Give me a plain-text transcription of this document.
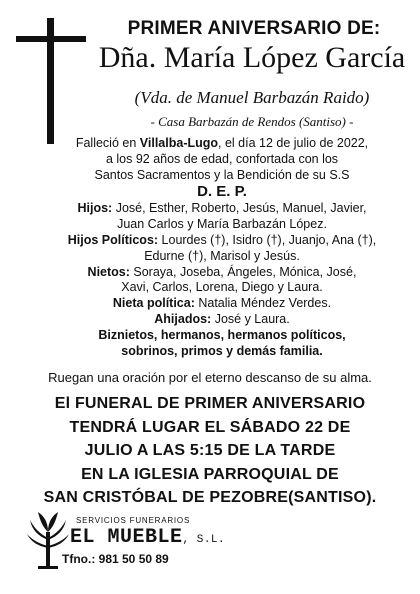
PRIMER ANIVERSARIO DE:
Dña. María López García
(Vda. de Manuel Barbazán Raido)
- Casa Barbazán de Rendos (Santiso) -
Falleció en Villalba-Lugo, el día 12 de julio de 2022,
a los 92 años de edad, confortada con los
Santos Sacramentos y la Bendición de su S.S
D. E. P.
Hijos: José, Esther, Roberto, Jesús, Manuel, Javier,
Juan Carlos y María Barbazán López.
Hijos Políticos: Lourdes (†), Isidro (†), Juanjo, Ana (†),
Edurne (†), Marisol y Jesús.
Nietos: Soraya, Joseba, Ángeles, Mónica, José,
Xavi, Carlos, Lorena, Diego y Laura.
Nieta política: Natalia Méndez Verdes.
Ahijados: José y Laura.
Biznietos, hermanos, hermanos políticos,
sobrinos, primos y demás familia.
Ruegan una oración por el eterno descanso de su alma.
El FUNERAL DE PRIMER ANIVERSARIO
TENDRÁ LUGAR EL SÁBADO 22 DE
JULIO A LAS 5:15 DE LA TARDE
EN LA IGLESIA PARROQUIAL DE
SAN CRISTÓBAL DE PEZOBRE(SANTISO).
SERVICIOS FUNERARIOS
EL MUEBLE, S.L.
Tfno.: 981 50 50 89
